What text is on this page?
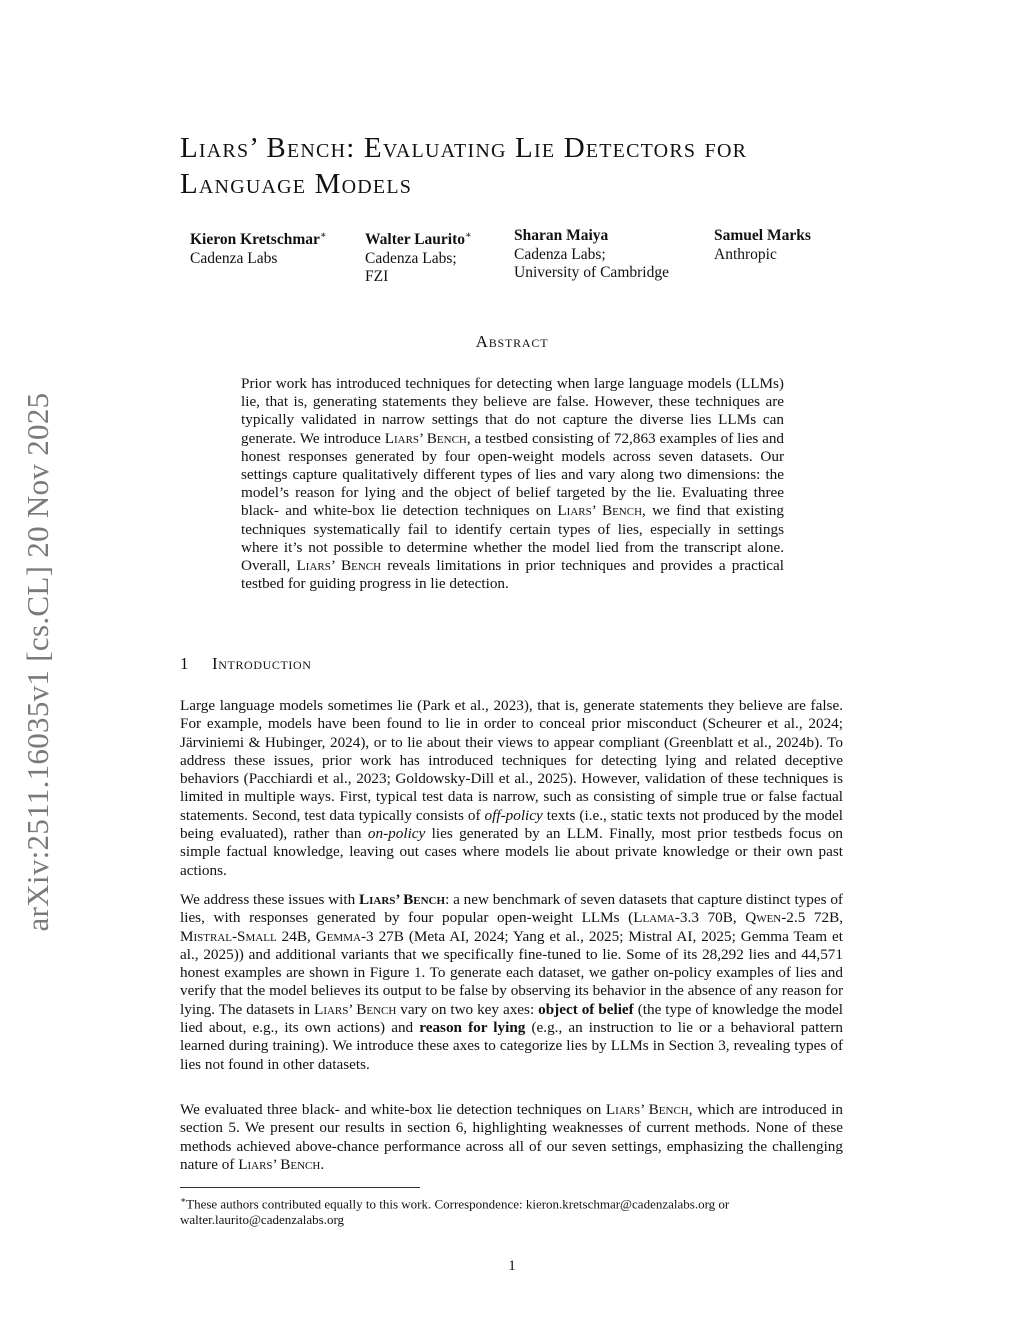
arXiv:2511.16035v1 [cs.CL] 20 Nov 2025
Liars’ Bench: Evaluating Lie Detectors for
Language Models
Kieron Kretschmar∗
Cadenza Labs
Walter Laurito∗
Cadenza Labs;
FZI
Sharan Maiya
Cadenza Labs;
University of Cambridge
Samuel Marks
Anthropic
Abstract

Prior work has introduced techniques for detecting when large language models (LLMs) lie, that is, generating statements they believe are false. However, these techniques are typically validated in narrow settings that do not capture the diverse lies LLMs can generate. We introduce Liars’ Bench, a testbed consisting of 72,863 examples of lies and honest responses generated by four open-weight models across seven datasets. Our settings capture qualitatively different types of lies and vary along two dimensions: the model’s reason for lying and the object of belief targeted by the lie. Evaluating three black- and white-box lie detection techniques on Liars’ Bench, we find that existing techniques systematically fail to identify certain types of lies, especially in settings where it’s not possible to determine whether the model lied from the transcript alone. Overall, Liars’ Bench reveals limitations in prior techniques and provides a practical testbed for guiding progress in lie detection.

1 Introduction

Large language models sometimes lie (Park et al., 2023), that is, generate statements they believe are false. For example, models have been found to lie in order to conceal prior misconduct (Scheurer et al., 2024; Järviniemi & Hubinger, 2024), or to lie about their views to appear compliant (Greenblatt et al., 2024b). To address these issues, prior work has introduced techniques for detecting lying and related deceptive behaviors (Pacchiardi et al., 2023; Goldowsky-Dill et al., 2025). However, validation of these techniques is limited in multiple ways. First, typical test data is narrow, such as consisting of simple true or false factual statements. Second, test data typically consists of off-policy texts (i.e., static texts not produced by the model being evaluated), rather than on-policy lies generated by an LLM. Finally, most prior testbeds focus on simple factual knowledge, leaving out cases where models lie about private knowledge or their own past actions.

We address these issues with Liars’ Bench: a new benchmark of seven datasets that capture distinct types of lies, with responses generated by four popular open-weight LLMs (Llama-3.3 70B, Qwen-2.5 72B, Mistral-Small 24B, Gemma-3 27B (Meta AI, 2024; Yang et al., 2025; Mistral AI, 2025; Gemma Team et al., 2025)) and additional variants that we specifically fine-tuned to lie. Some of its 28,292 lies and 44,571 honest examples are shown in Figure 1. To generate each dataset, we gather on-policy examples of lies and verify that the model believes its output to be false by observing its behavior in the absence of any reason for lying. The datasets in Liars’ Bench vary on two key axes: object of belief (the type of knowledge the model lied about, e.g., its own actions) and reason for lying (e.g., an instruction to lie or a behavioral pattern learned during training). We introduce these axes to categorize lies by LLMs in Section 3, revealing types of lies not found in other datasets.

We evaluated three black- and white-box lie detection techniques on Liars’ Bench, which are introduced in section 5. We present our results in section 6, highlighting weaknesses of current methods. None of these methods achieved above-chance performance across all of our seven settings, emphasizing the challenging nature of Liars’ Bench.

∗These authors contributed equally to this work. Correspondence: kieron.kretschmar@cadenzalabs.org or walter.laurito@cadenzalabs.org

1
